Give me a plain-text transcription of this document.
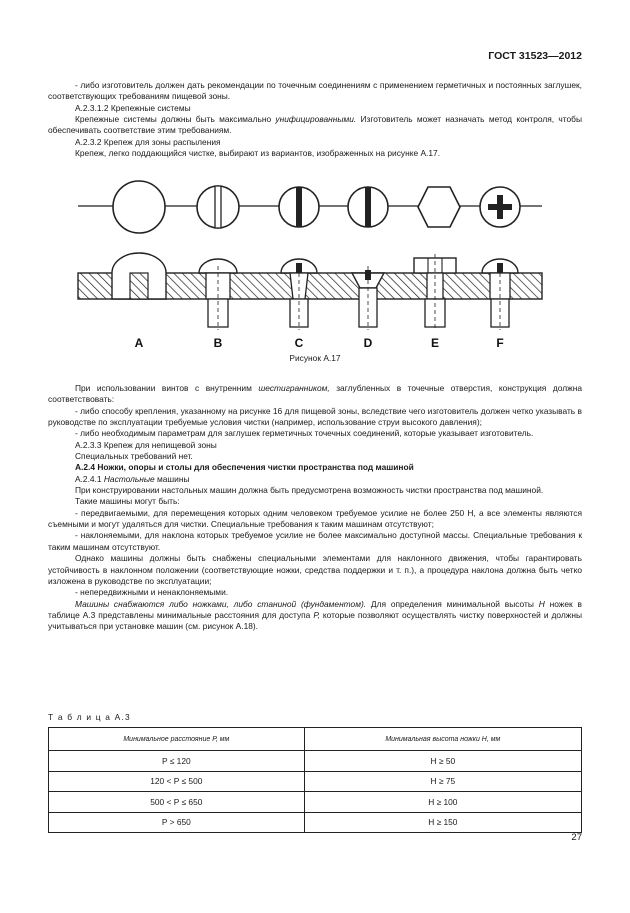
ГОСТ 31523—2012

- либо изготовитель должен дать рекомендации по точечным соединениям с применением герметичных и постоянных заглушек, соответствующих требованиям пищевой зоны.

А.2.3.1.2 Крепежные системы

Крепежные системы должны быть максимально унифицированными. Изготовитель может назначать метод контроля, чтобы обеспечивать соответствие этим требованиям.

А.2.3.2 Крепеж для зоны распыления

Крепеж, легко поддающийся чистке, выбирают из вариантов, изображенных на рисунке А.17.

A	B	C	D	E	F
Рисунок А.17

При использовании винтов с внутренним шестигранником, заглубленных в точечные отверстия, конструкция должна соответствовать:

- либо способу крепления, указанному на рисунке 16 для пищевой зоны, вследствие чего изготовитель должен четко указывать в руководстве по эксплуатации требуемые условия чистки (например, использование струи высокого давления);

- либо необходимым параметрам для заглушек герметичных точечных соединений, которые указывает изготовитель.

А.2.3.3 Крепеж для непищевой зоны

Специальных требований нет.

А.2.4 Ножки, опоры и столы для обеспечения чистки пространства под машиной

А.2.4.1 Настольные машины

При конструировании настольных машин должна быть предусмотрена возможность чистки пространства под машиной.

Такие машины могут быть:

- передвигаемыми, для перемещения которых одним человеком требуемое усилие не более 250 Н, а все элементы являются съемными и могут удаляться для чистки. Специальные требования к таким машинам отсутствуют;

- наклоняемыми, для наклона которых требуемое усилие не более максимально доступной массы. Специальные требования к таким машинам отсутствуют.

Однако машины должны быть снабжены специальными элементами для наклонного движения, чтобы гарантировать устойчивость в наклонном положении (соответствующие ножки, средства поддержки и т. п.), а процедура наклона должна быть четко изложена в руководстве по эксплуатации;

- непередвижными и ненаклоняемыми.

Машины снабжаются либо ножками, либо станиной (фундаментом). Для определения минимальной высоты Н ножек в таблице А.3 представлены минимальные расстояния для доступа Р, которые позволяют осуществлять чистку поверхностей и должны учитываться при установке машин (см. рисунок А.18).

Т а б л и ц а А.3
Минимальное расстояние Р, мм	Минимальная высота ножки Н, мм
P ≤ 120	H ≥ 50
120 < P ≤ 500	H ≥ 75
500 < P ≤ 650	H ≥ 100
P > 650	H ≥ 150
27
